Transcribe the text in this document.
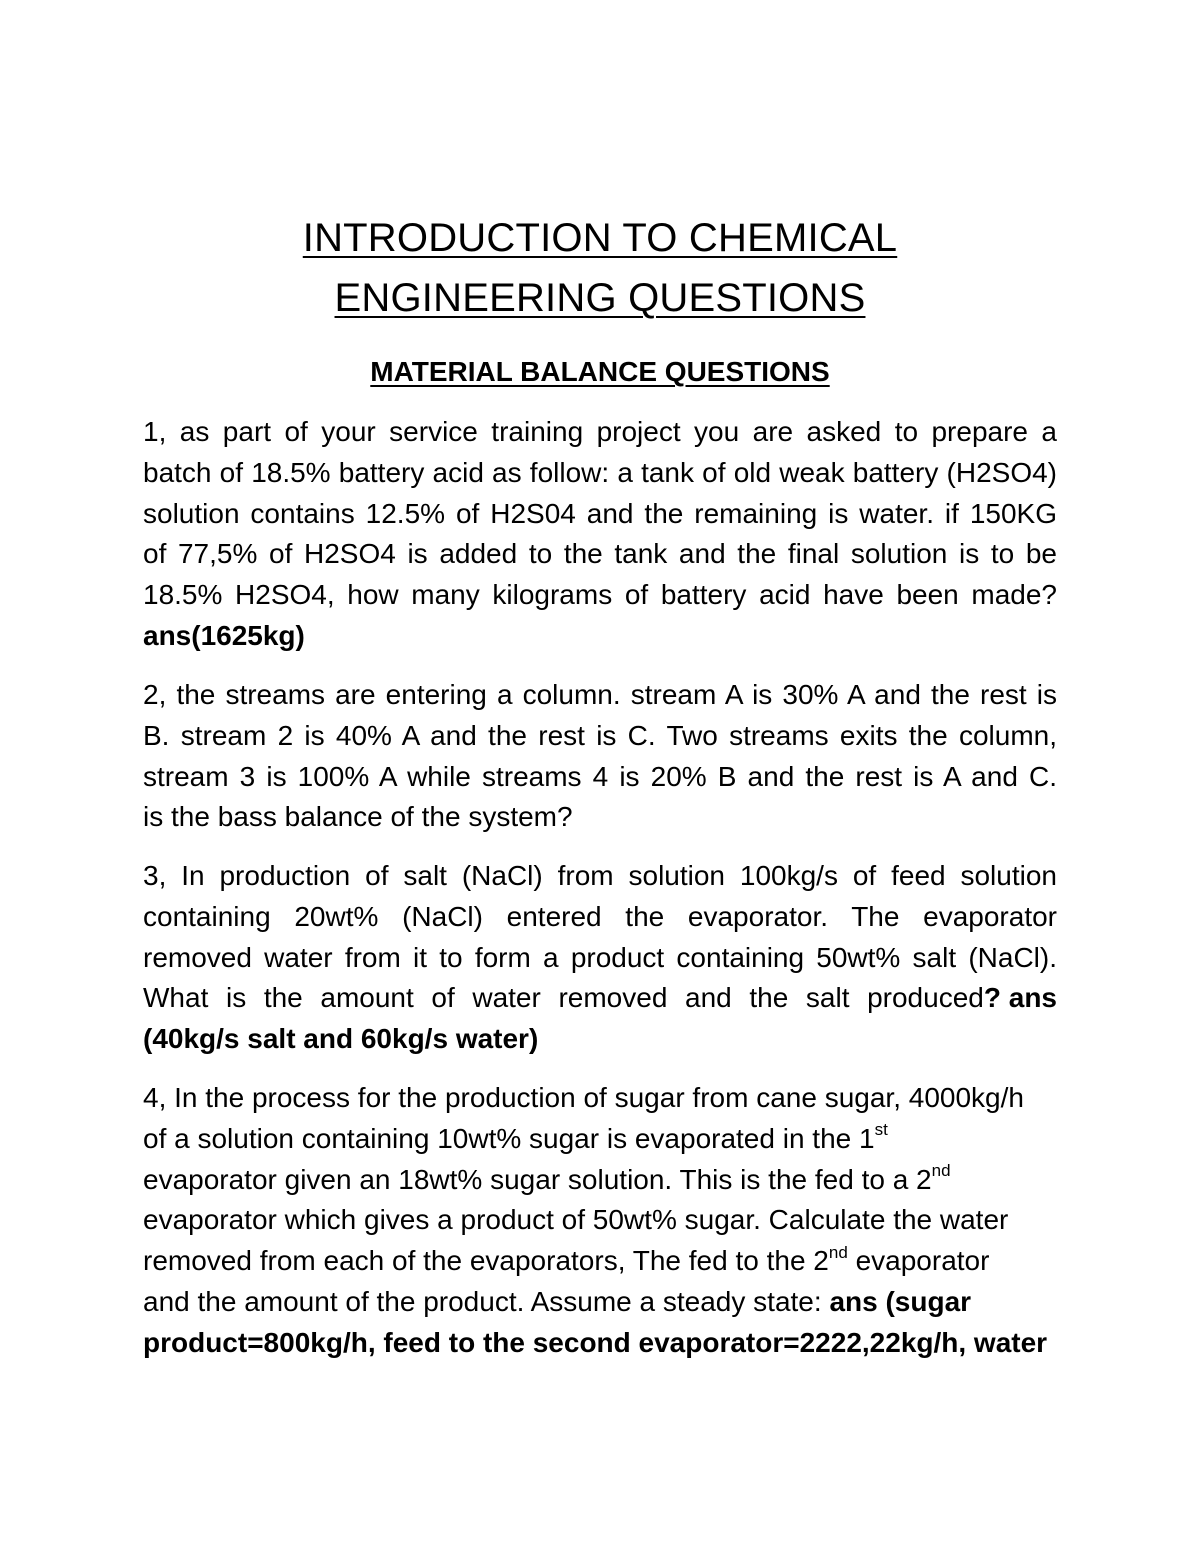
INTRODUCTION TO CHEMICAL
ENGINEERING QUESTIONS
MATERIAL BALANCE QUESTIONS
1, as part of your service training project you are asked to prepare a
batch of 18.5% battery acid as follow: a tank of old weak battery (H2SO4)
solution contains 12.5% of H2S04 and the remaining is water. if 150KG
of 77,5% of H2SO4 is added to the tank and the final solution is to be
18.5% H2SO4, how many kilograms of battery acid have been made?
ans(1625kg)
2, the streams are entering a column. stream A is 30% A and the rest is
B. stream 2 is 40% A and the rest is C. Two streams exits the column,
stream 3 is 100% A while streams 4 is 20% B and the rest is A and C.
is the bass balance of the system?
3, In production of salt (NaCl) from solution 100kg/s of feed solution
containing 20wt% (NaCl) entered the evaporator. The evaporator
removed water from it to form a product containing 50wt% salt (NaCl).
What is the amount of water removed and the salt produced ? ans
(40kg/s salt and 60kg/s water)
4, In the process for the production of sugar from cane sugar, 4000kg/h
of a solution containing 10wt% sugar is evaporated in the 1st
evaporator given an 18wt% sugar solution. This is the fed to a 2nd
evaporator which gives a product of 50wt% sugar. Calculate the water
removed from each of the evaporators, The fed to the 2nd evaporator
and the amount of the product. Assume a steady state: ans (sugar
product=800kg/h, feed to the second evaporator=2222,22kg/h, water
